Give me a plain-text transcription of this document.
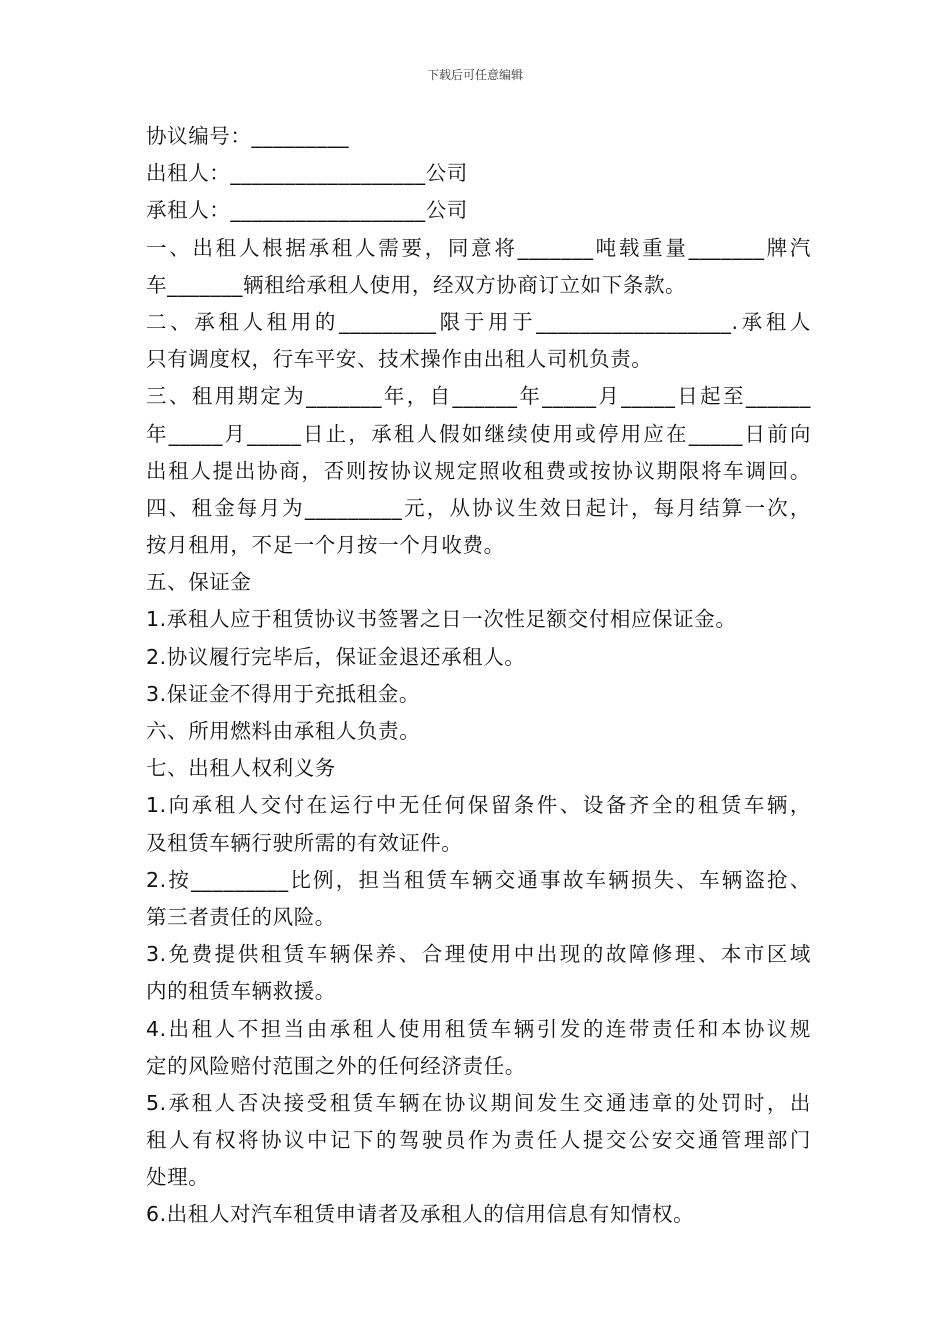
下载后可任意编辑
协议编号：_________
出租人：__________________公司
承租人：__________________公司
一、出租人根据承租人需要，同意将_______吨载重量_______牌汽
车_______辆租给承租人使用，经双方协商订立如下条款。
二、承租人租用的_________限于用于__________________.承租人
只有调度权，行车平安、技术操作由出租人司机负责。
三、租用期定为_______年，自______年_____月_____日起至______
年_____月_____日止，承租人假如继续使用或停用应在_____日前向
出租人提出协商，否则按协议规定照收租费或按协议期限将车调回。
四、租金每月为_________元，从协议生效日起计，每月结算一次，
按月租用，不足一个月按一个月收费。
五、保证金
1.承租人应于租赁协议书签署之日一次性足额交付相应保证金。
2.协议履行完毕后，保证金退还承租人。
3.保证金不得用于充抵租金。
六、所用燃料由承租人负责。
七、出租人权利义务
1.向承租人交付在运行中无任何保留条件、设备齐全的租赁车辆，
及租赁车辆行驶所需的有效证件。
2.按_________比例，担当租赁车辆交通事故车辆损失、车辆盗抢、
第三者责任的风险。
3.免费提供租赁车辆保养、合理使用中出现的故障修理、本市区域
内的租赁车辆救援。
4.出租人不担当由承租人使用租赁车辆引发的连带责任和本协议规
定的风险赔付范围之外的任何经济责任。
5.承租人否决接受租赁车辆在协议期间发生交通违章的处罚时，出
租人有权将协议中记下的驾驶员作为责任人提交公安交通管理部门
处理。
6.出租人对汽车租赁申请者及承租人的信用信息有知情权。
